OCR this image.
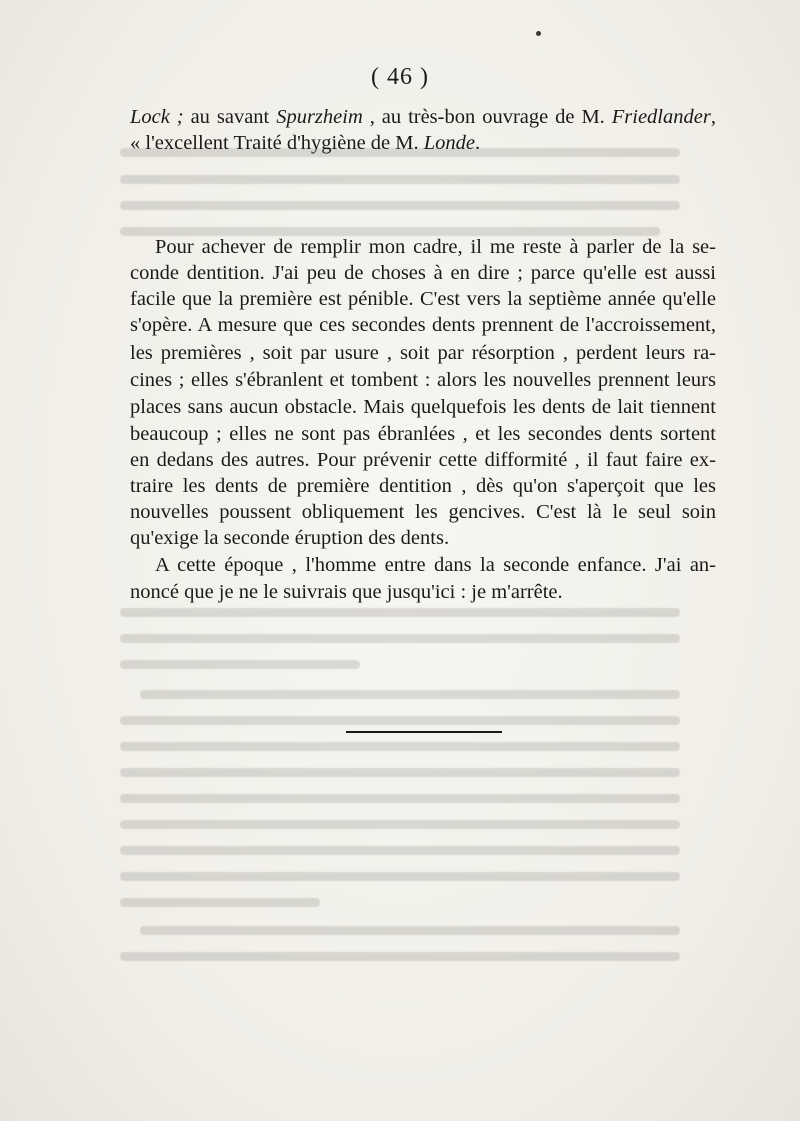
( 46 )
Lock ; au savant Spurzheim , au très-bon ouvrage de M. Friedlander,
« l'excellent Traité d'hygiène de M. Londe.
Pour achever de remplir mon cadre, il me reste à parler de la se-
conde dentition. J'ai peu de choses à en dire ; parce qu'elle est aussi
facile que la première est pénible. C'est vers la septième année qu'elle
s'opère. A mesure que ces secondes dents prennent de l'accroissement,
les premières , soit par usure , soit par résorption , perdent leurs ra-
cines ; elles s'ébranlent et tombent : alors les nouvelles prennent leurs
places sans aucun obstacle. Mais quelquefois les dents de lait tiennent
beaucoup ; elles ne sont pas ébranlées , et les secondes dents sortent
en dedans des autres. Pour prévenir cette difformité , il faut faire ex-
traire les dents de première dentition , dès qu'on s'aperçoit que les
nouvelles poussent obliquement les gencives. C'est là le seul soin
qu'exige la seconde éruption des dents.
A cette époque , l'homme entre dans la seconde enfance. J'ai an-
noncé que je ne le suivrais que jusqu'ici : je m'arrête.
